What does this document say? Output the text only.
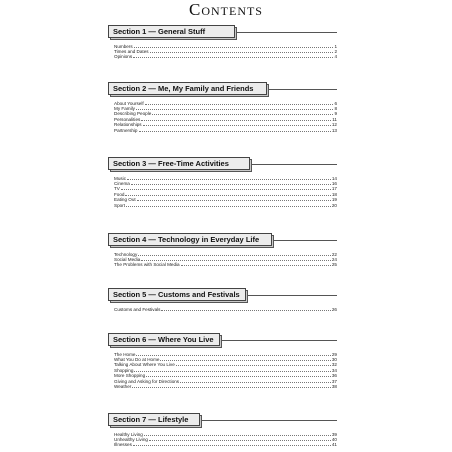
Contents
Section 1 — General Stuff
Numbers	1
Times and Dates	2
Opinions	4
Section 2 — Me, My Family and Friends
About Yourself	6
My Family	8
Describing People	9
Personalities	11
Relationships	12
Partnership	13
Section 3 — Free-Time Activities
Music	14
Cinema	16
TV	17
Food	18
Eating Out	19
Sport	20
Section 4 — Technology in Everyday Life
Technology	22
Social Media	24
The Problems with Social Media	25
Section 5 — Customs and Festivals
Customs and Festivals	26
Section 6 — Where You Live
The Home	29
What You Do at Home	30
Talking About Where You Live	32
Shopping	34
More Shopping	36
Giving and Asking for Directions	37
Weather	38
Section 7 — Lifestyle
Healthy Living	39
Unhealthy Living	40
Illnesses	41
